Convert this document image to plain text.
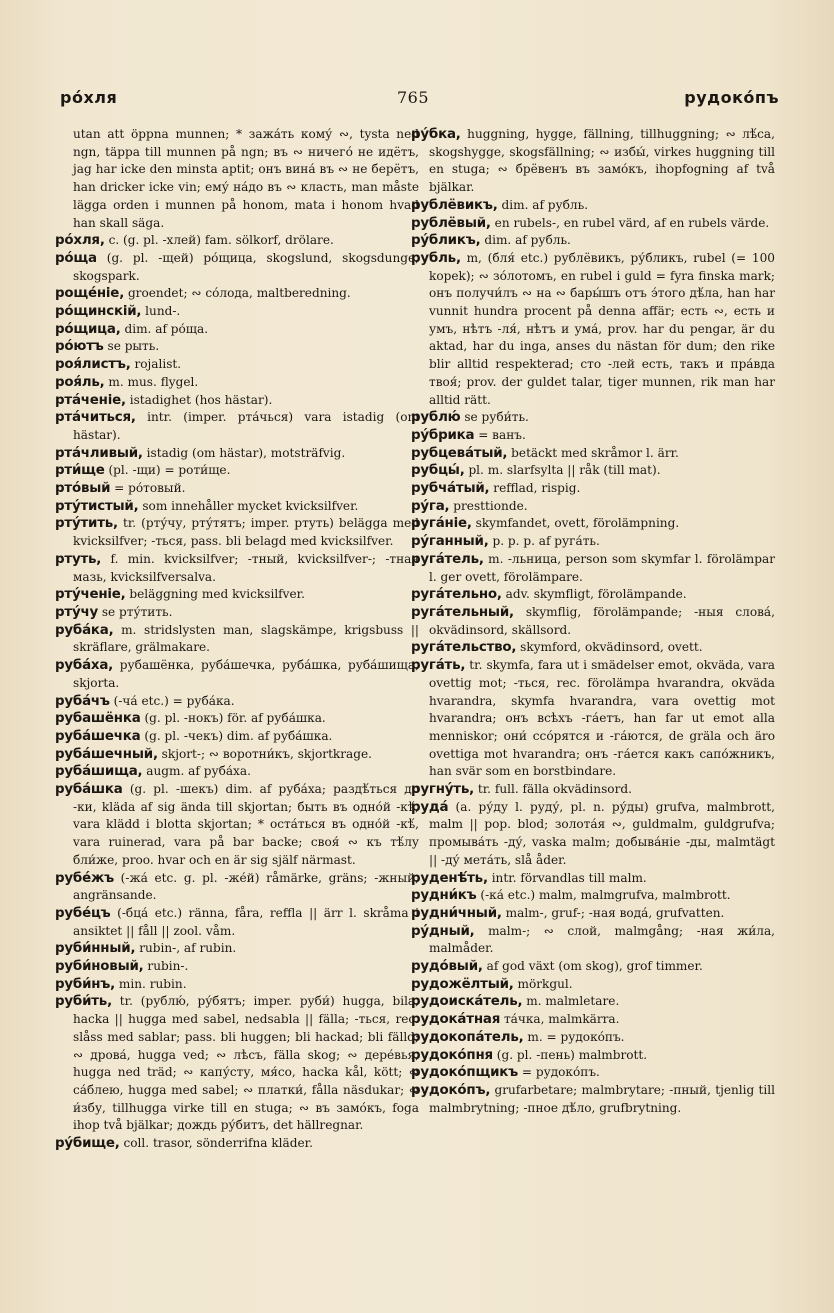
ро́хля	765	рудоко́пъ

utan att öppna munnen; * зажа́ть кому́ ∾, tysta ned ngn, täppa till munnen på ngn; въ ∾ ничего́ не идётъ, jag har icke den minsta aptit; онъ вина́ въ ∾ не берётъ, han dricker icke vin; ему́ на́до въ ∾ класть, man måste lägga orden i munnen på honom, mata i honom hvad han skall säga.

ро́хля, c. (g. pl. -хлей) fam. sölkorf, drölare.

ро́ща (g. pl. -щей) ро́щица, skogslund, skogsdunge, skogspark.

рощéніе, groendet; ∾ со́лода, maltberedning.

ро́щинскій, lund-.

ро́щица, dim. af ро́ща.

ро́ютъ se рыть.

роя́листъ, rojalist.

роя́ль, m. mus. flygel.

рта́ченіе, istadighet (hos hästar).

рта́читься, intr. (imper. рта́чься) vara istadig (om hästar).

рта́чливый, istadig (om hästar), motsträfvig.

рти́ще (pl. -щи) = роти́ще.

рто́вый = ро́товый.

рту́тистый, som innehåller mycket kvicksilfver.

рту́тить, tr. (рту́чу, рту́тятъ; imper. ртуть) belägga med kvicksilfver; -ться, pass. bli belagd med kvicksilfver.

ртуть, f. min. kvicksilfver; -тный, kvicksilfver-; -тная мазь, kvicksilfversalva.

рту́ченіе, beläggning med kvicksilfver.

рту́чу se рту́тить.

руба́ка, m. stridslysten man, slagskämpe, krigsbuss || skräflare, grälmakare.

руба́ха, рубашёнка, руба́шечка, руба́шка, руба́шища, skjorta.

руба́чъ (-ча́ etc.) = руба́ка.

рубашёнка (g. pl. -нокъ) för. af руба́шка.

руба́шечка (g. pl. -чекъ) dim. af руба́шка.

руба́шечный, skjort-; ∾ воротни́къ, skjortkrage.

руба́шища, augm. af руба́ха.

руба́шка (g. pl. -шекъ) dim. af руба́ха; раздѣ́ться до -ки, kläda af sig ända till skjortan; быть въ одно́й -кѣ́, vara klädd i blotta skjortan; * оста́ться въ одно́й -кѣ́, vara ruinerad, vara på bar backe; своя́ ∾ къ тѣ́лу бли́же, proo. hvar och en är sig själf närmast.

рубе́жъ (-жа́ etc. g. pl. -же́й) råmärke, gräns; -жный, angränsande.

рубе́цъ (-бца́ etc.) ränna, fåra, reffla || ärr l. skråma i ansiktet || fåll || zool. våm.

руби́нный, rubin-, af rubin.

руби́новый, rubin-.

руби́нъ, min. rubin.

руби́ть, tr. (рублю́, ру́бятъ; imper. руби́) hugga, bila, hacka || hugga med sabel, nedsabla || fälla; -ться, rec. slåss med sablar; pass. bli huggen; bli hackad; bli fälld; ∾ дрова́, hugga ved; ∾ лѣсъ, fälla skog; ∾ дере́вья, hugga ned träd; ∾ капу́сту, мя́со, hacka kål, kött; ∾ са́блею, hugga med sabel; ∾ платки́, fålla näsdukar; ∾ и́збу, tillhugga virke till en stuga; ∾ въ замо́къ, foga ihop två bjälkar; дождь ру́битъ, det hällregnar.

ру́бище, coll. trasor, sönderrifna kläder.

ру́бка, huggning, hygge, fällning, tillhuggning; ∾ лѣ́са, skogshygge, skogsfällning; ∾ избы́, virkes huggning till en stuga; ∾ брёвенъ въ замо́къ, ihopfogning af två bjälkar.

рублёвикъ, dim. af рубль.

рублёвый, en rubels-, en rubel värd, af en rubels värde.

ру́бликъ, dim. af рубль.

рубль, m, (бля́ etc.) рублёвикъ, ру́бликъ, rubel (= 100 kopek); ∾ зо́лотомъ, en rubel i guld = fyra finska mark; онъ получи́лъ ∾ на ∾ бары́шъ отъ э́того дѣ́ла, han har vunnit hundra procent på denna affär; есть ∾, есть и умъ, нѣтъ -ля́, нѣтъ и ума́, prov. har du pengar, är du aktad, har du inga, anses du nästan för dum; den rike blir alltid respekterad; сто -лей есть, такъ и пра́вда твоя́; prov. der guldet talar, tiger munnen, rik man har alltid rätt.

рублю́ se руби́ть.

ру́брика = ванъ.

рубцева́тый, betäckt med skråmor l. ärr.

рубцы́, pl. m. slarfsylta || råk (till mat).

рубча́тый, refflad, rispig.

ру́га, presttionde.

руга́ніе, skymfandet, ovett, förolämpning.

ру́ганный, p. p. p. af руга́ть.

руга́тель, m. -льница, person som skymfar l. förolämpar l. ger ovett, förolämpare.

руга́тельно, adv. skymfligt, förolämpande.

руга́тельный, skymflig, förolämpande; -ныя слова́, okvädinsord, skällsord.

руга́тельство, skymford, okvädinsord, ovett.

руга́ть, tr. skymfa, fara ut i smädelser emot, okväda, vara ovettig mot; -ться, rec. förolämpa hvarandra, okväda hvarandra, skymfa hvarandra, vara ovettig mot hvarandra; онъ всѣхъ -га́етъ, han far ut emot alla menniskor; они́ ссо́рятся и -га́ются, de gräla och äro ovettiga mot hvarandra; онъ -га́ется какъ сапо́жникъ, han svär som en borstbindare.

ругну́ть, tr. full. fälla okvädinsord.

руда́ (a. ру́ду l. руду́, pl. n. ру́ды) grufva, malmbrott, malm || pop. blod; золота́я ∾, guldmalm, guldgrufva; промыва́ть -ду́, vaska malm; добыва́ніе -ды, malmtägt || -ду́ мета́ть, slå åder.

руденѣ́ть, intr. förvandlas till malm.

рудни́къ (-ка́ etc.) malm, malmgrufva, malmbrott.

рудни́чный, malm-, gruf-; -ная вода́, grufvatten.

ру́дный, malm-; ∾ слой, malmgång; -ная жи́ла, malmåder.

рудо́вый, af god växt (om skog), grof timmer.

рудожёлтый, mörkgul.

рудоиска́тель, m. malmletare.

рудока́тная та́чка, malmkärra.

рудокопа́тель, m. = рудоко́пъ.

рудоко́пня (g. pl. -пень) malmbrott.

рудоко́пщикъ = рудоко́пъ.

рудоко́пъ, grufarbetare; malmbrytare; -пный, tjenlig till malmbrytning; -пное дѣ́ло, grufbrytning.
